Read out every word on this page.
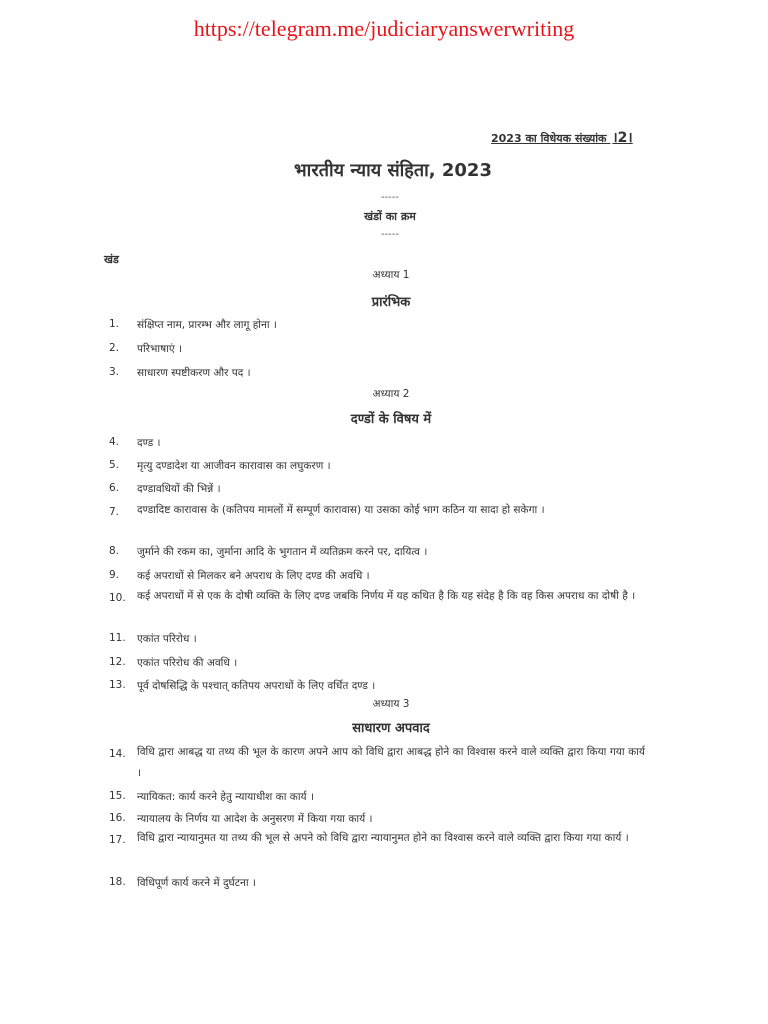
https://telegram.me/judiciaryanswerwriting
2023 का विधेयक संख्यांक ।2।
भारतीय न्याय संहिता, 2023
-----
खंडों का क्रम
-----
खंड
अध्याय 1
प्रारंभिक
1. संक्षिप्त नाम, प्रारम्भ और लागू होना ।
2. परिभाषाएं ।
3. साधारण स्पष्टीकरण और पद ।
अध्याय 2
दण्डों के विषय में
4. दण्ड ।
5. मृत्यु दण्डादेश या आजीवन कारावास का लघुकरण ।
6. दण्डावधियों की भिन्नें ।
7. दण्डादिष्ट कारावास के (कतिपय मामलों में सम्पूर्ण कारावास) या उसका कोई भाग कठिन या सादा हो सकेगा ।
8. जुर्माने की रकम का, जुर्माना आदि के भुगतान में व्यतिक्रम करने पर, दायित्व ।
9. कई अपराधों से मिलकर बने अपराध के लिए दण्ड की अवधि ।
10. कई अपराधों में से एक के दोषी व्यक्ति के लिए दण्ड जबकि निर्णय में यह कथित है कि यह संदेह है कि वह किस अपराध का दोषी है ।
11. एकांत परिरोध ।
12. एकांत परिरोध की अवधि ।
13. पूर्व दोषसिद्धि के पश्चात् कतिपय अपराधों के लिए वर्धित दण्ड ।
अध्याय 3
साधारण अपवाद
14. विधि द्वारा आबद्ध या तथ्य की भूल के कारण अपने आप को विधि द्वारा आबद्ध होने का विश्वास करने वाले व्यक्ति द्वारा किया गया कार्य ।
15. न्यायिकत: कार्य करने हेतु न्यायाधीश का कार्य ।
16. न्यायालय के निर्णय या आदेश के अनुसरण में किया गया कार्य ।
17. विधि द्वारा न्यायानुमत या तथ्य की भूल से अपने को विधि द्वारा न्यायानुमत होने का विश्वास करने वाले व्यक्ति द्वारा किया गया कार्य ।
18. विधिपूर्ण कार्य करने में दुर्घटना ।
